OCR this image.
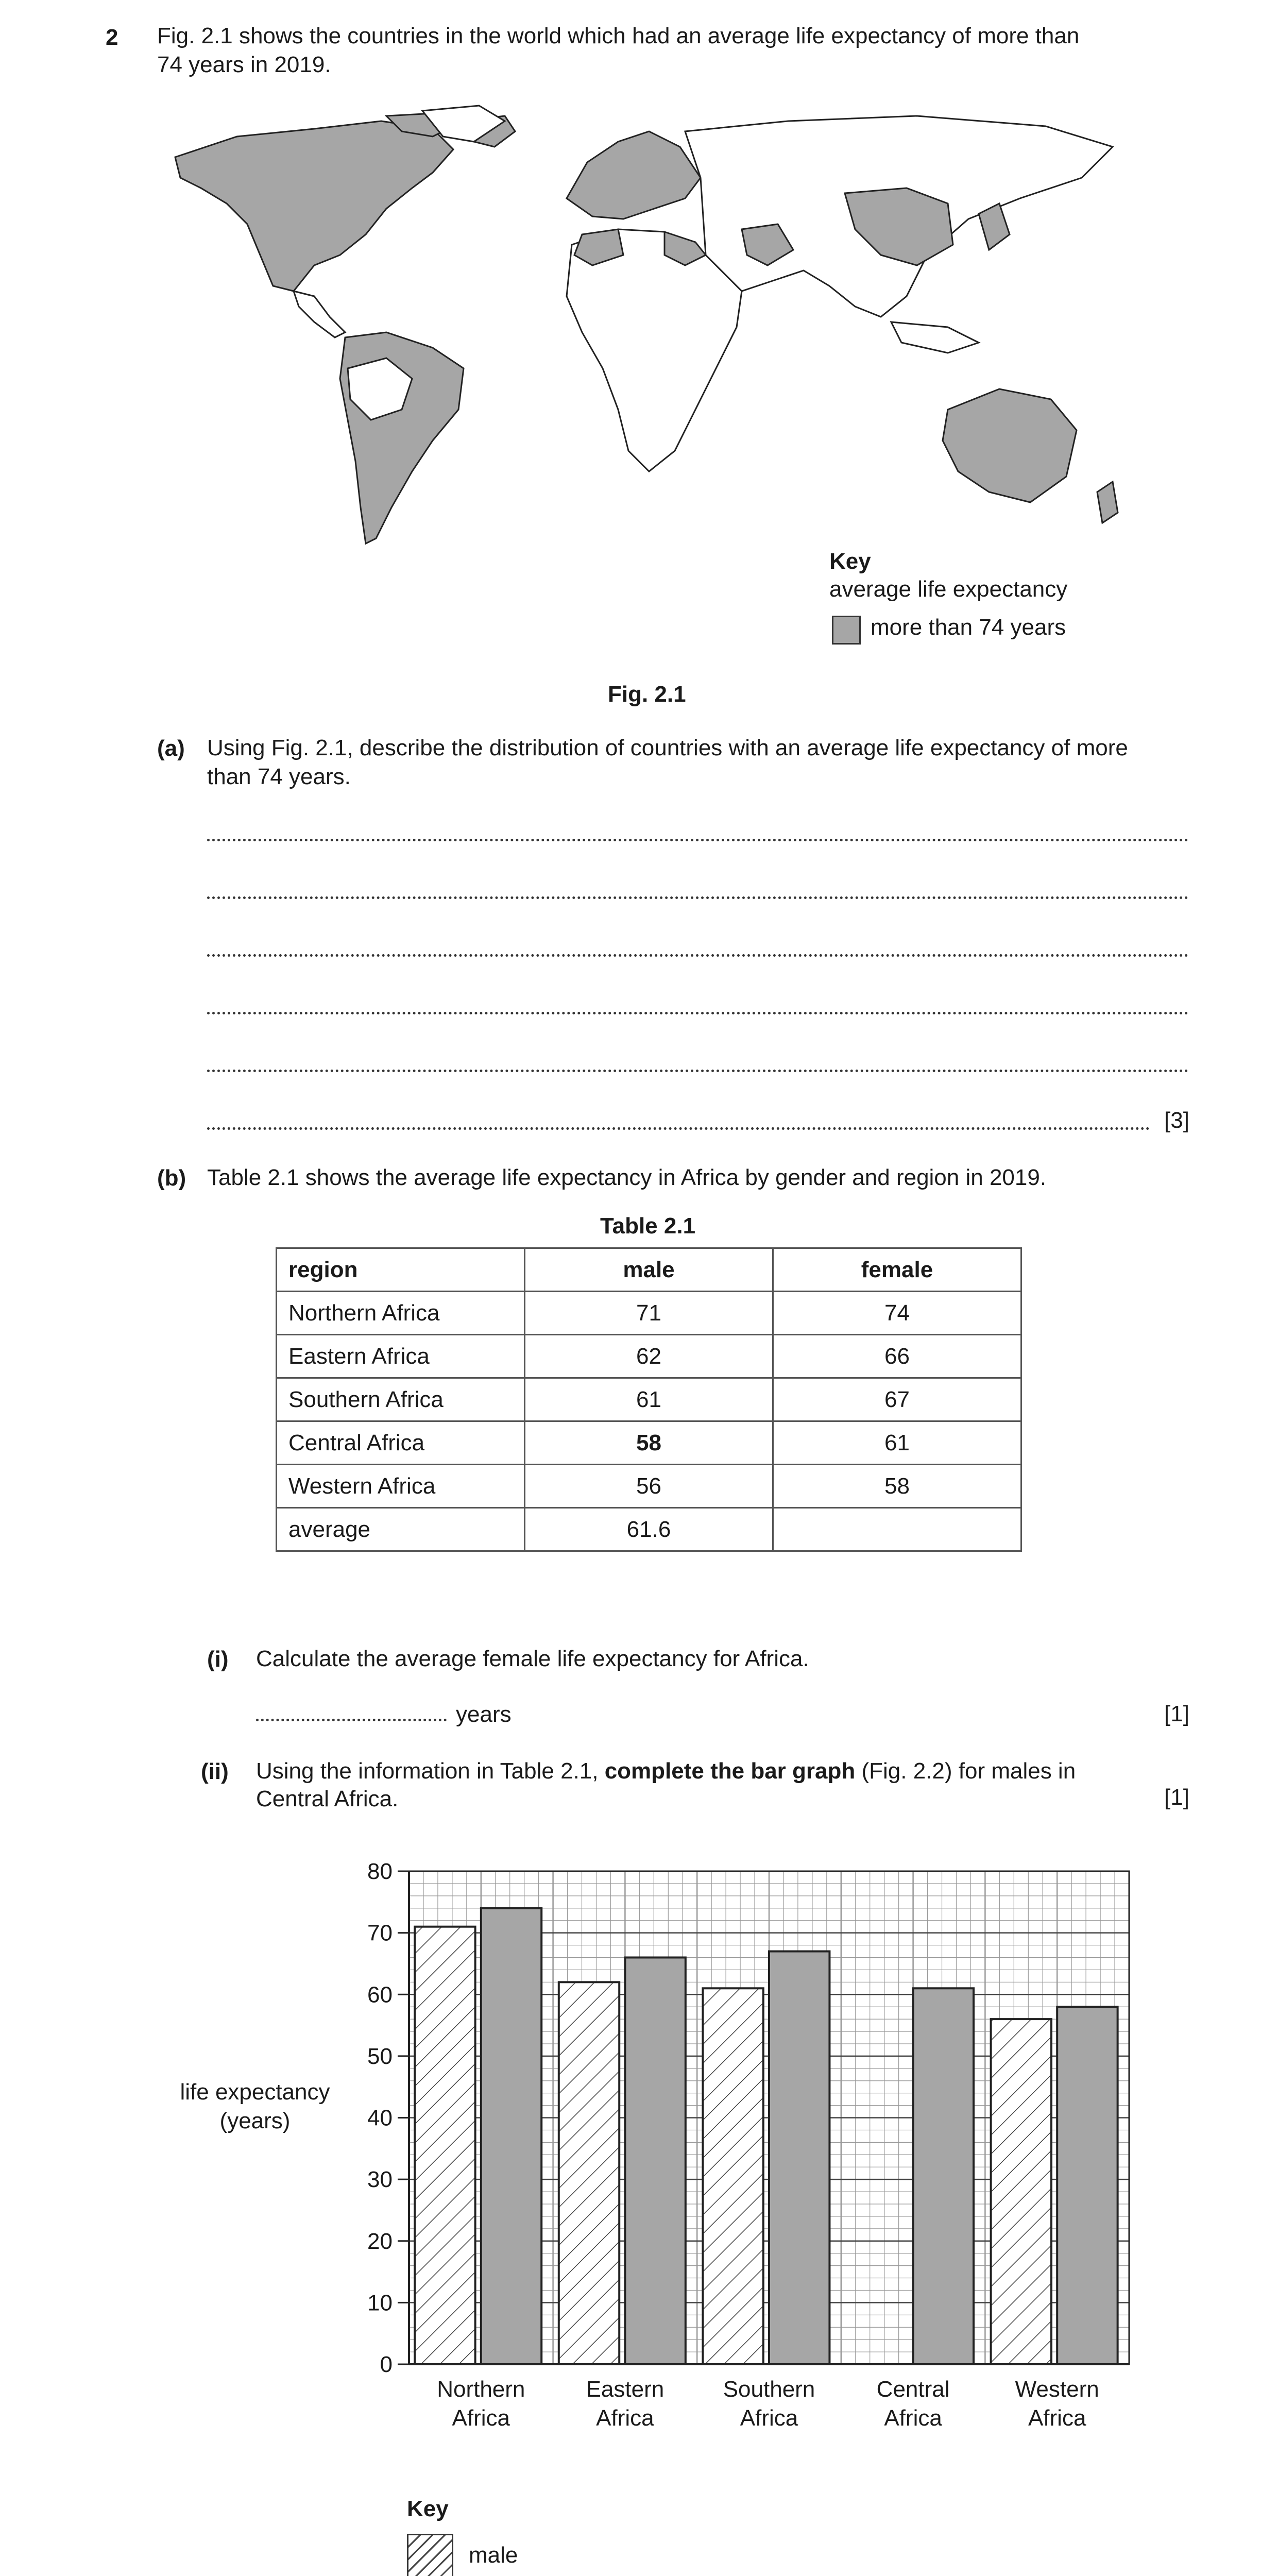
2 Fig. 2.1 shows the countries in the world which had an average life expectancy of more than
74 years in 2019.
Key
average life expectancy
more than 74 years
Fig. 2.1
(a) Using Fig. 2.1, describe the distribution of countries with an average life expectancy of more
than 74 years.
[3]
(b) Table 2.1 shows the average life expectancy in Africa by gender and region in 2019.
Table 2.1
region	male	female
Northern Africa	71	74
Eastern Africa	62	66
Southern Africa	61	67
Central Africa	58	61
Western Africa	56	58
average	61.6	
(i) Calculate the average female life expectancy for Africa.
years	[1]
(ii) Using the information in Table 2.1, complete the bar graph (Fig. 2.2) for males in
Central Africa.	[1]
life expectancy
(years)
Northern
Africa
Eastern
Africa
Southern
Africa
Central
Africa
Western
Africa
0
10
20
30
40
50
60
70
80
Key
male
